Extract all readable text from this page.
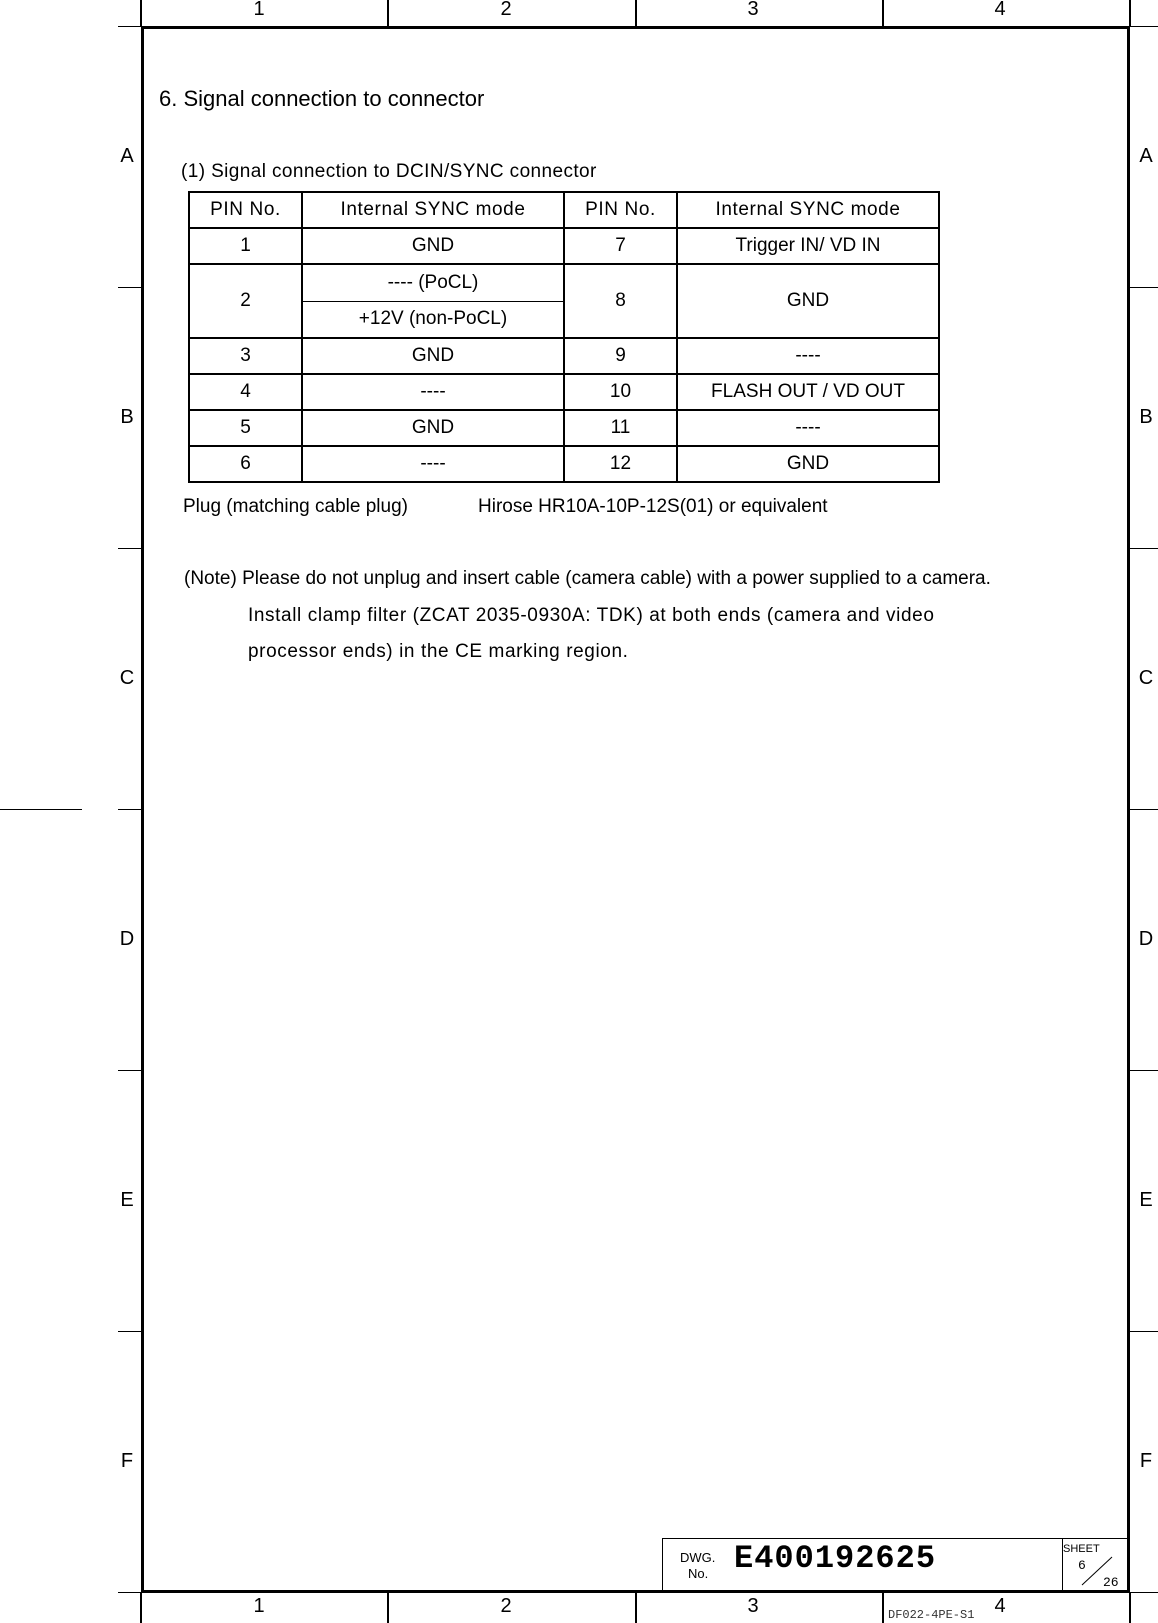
1	2	3	4
1	2	3	4
A
B
C
D
E
F
A
B
C
D
E
F
6. Signal connection to connector
(1) Signal connection to DCIN/SYNC connector
PIN No.	Internal SYNC mode	PIN No.	Internal SYNC mode
1	GND	7	Trigger IN/ VD IN
2	---- (PoCL)	8	GND
	+12V (non-PoCL)		
3	GND	9	----
4	----	10	FLASH OUT / VD OUT
5	GND	11	----
6	----	12	GND
Plug (matching cable plug)	Hirose HR10A-10P-12S(01) or equivalent
(Note) Please do not unplug and insert cable (camera cable) with a power supplied to a camera.
Install clamp filter (ZCAT 2035-0930A: TDK) at both ends (camera and video
processor ends) in the CE marking region.
DWG.
No. E400192625	SHEET
6
26
DF022-4PE-S1
